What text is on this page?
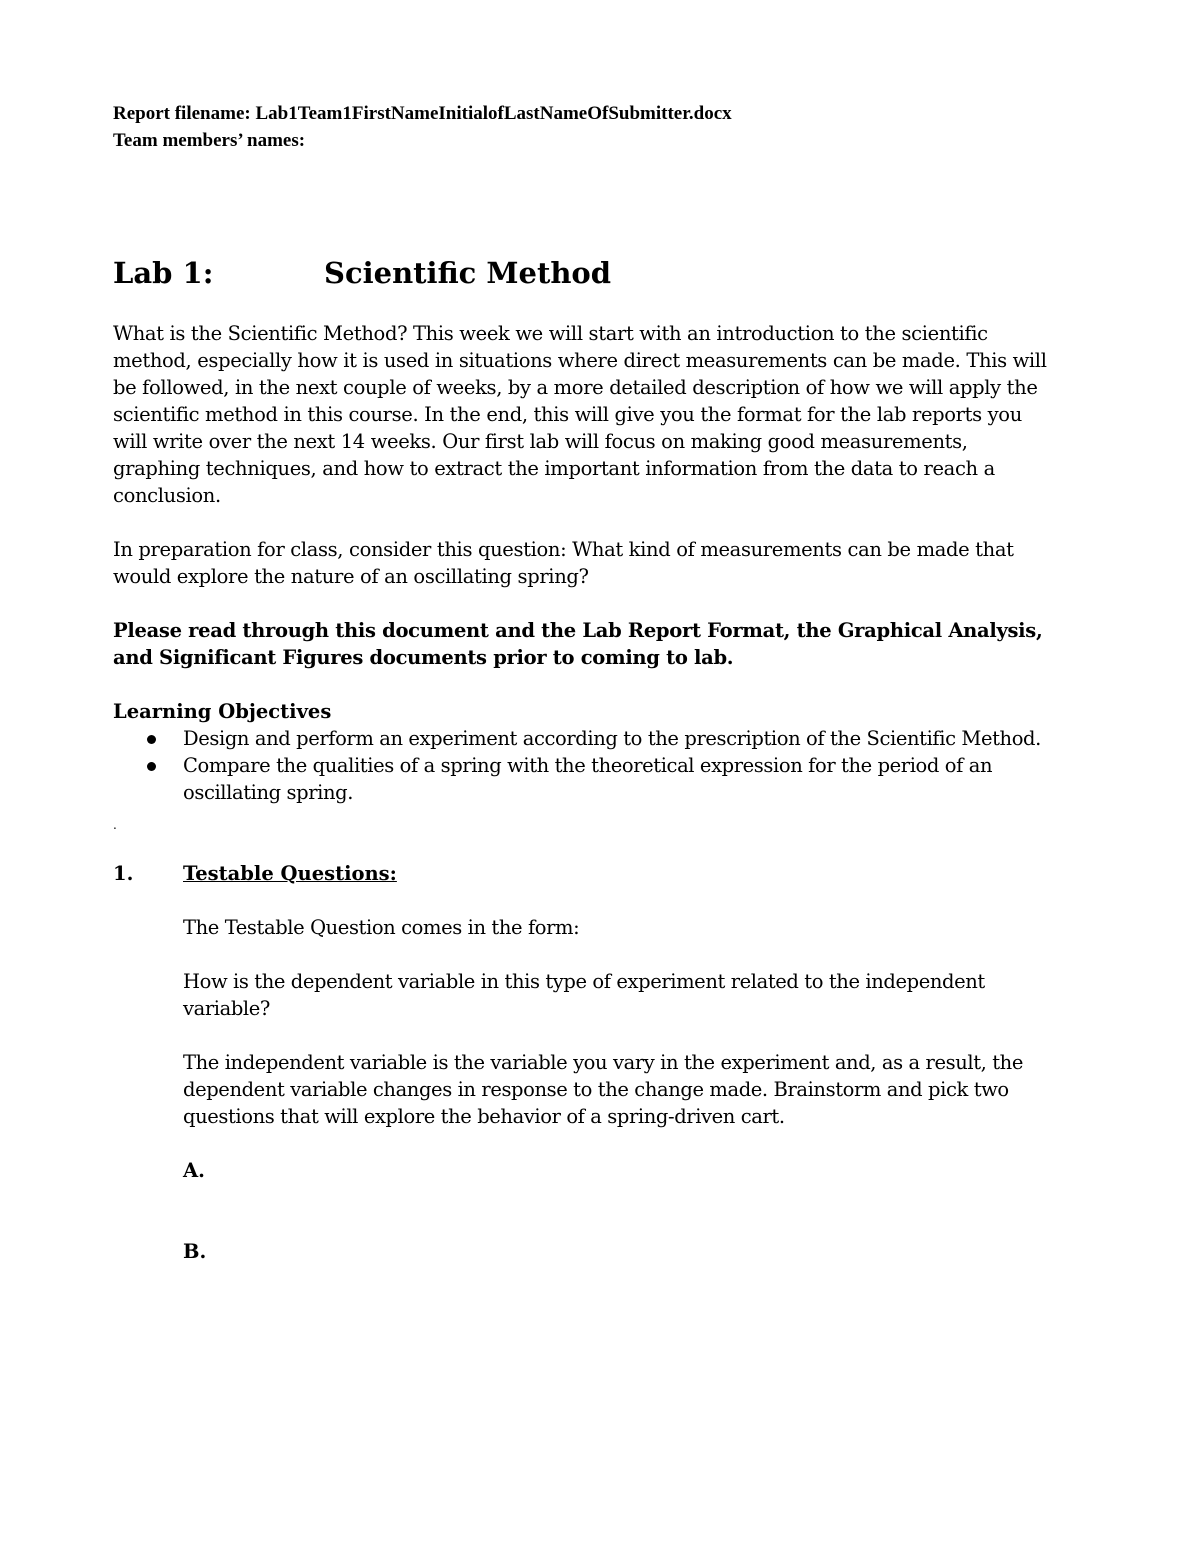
Report filename: Lab1Team1FirstNameInitialofLastNameOfSubmitter.docx

Team members’ names:

Lab 1:	Scientific Method

What is the Scientific Method? This week we will start with an introduction to the scientific method, especially how it is used in situations where direct measurements can be made. This will be followed, in the next couple of weeks, by a more detailed description of how we will apply the scientific method in this course. In the end, this will give you the format for the lab reports you will write over the next 14 weeks. Our first lab will focus on making good measurements, graphing techniques, and how to extract the important information from the data to reach a conclusion.

In preparation for class, consider this question: What kind of measurements can be made that would explore the nature of an oscillating spring?

Please read through this document and the Lab Report Format, the Graphical Analysis, and Significant Figures documents prior to coming to lab.

Learning Objectives
Design and perform an experiment according to the prescription of the Scientific Method.
Compare the qualities of a spring with the theoretical expression for the period of an oscillating spring.
.
1.	Testable Questions:

The Testable Question comes in the form:

How is the dependent variable in this type of experiment related to the independent variable?

The independent variable is the variable you vary in the experiment and, as a result, the dependent variable changes in response to the change made. Brainstorm and pick two questions that will explore the behavior of a spring-driven cart.

A.
B.
